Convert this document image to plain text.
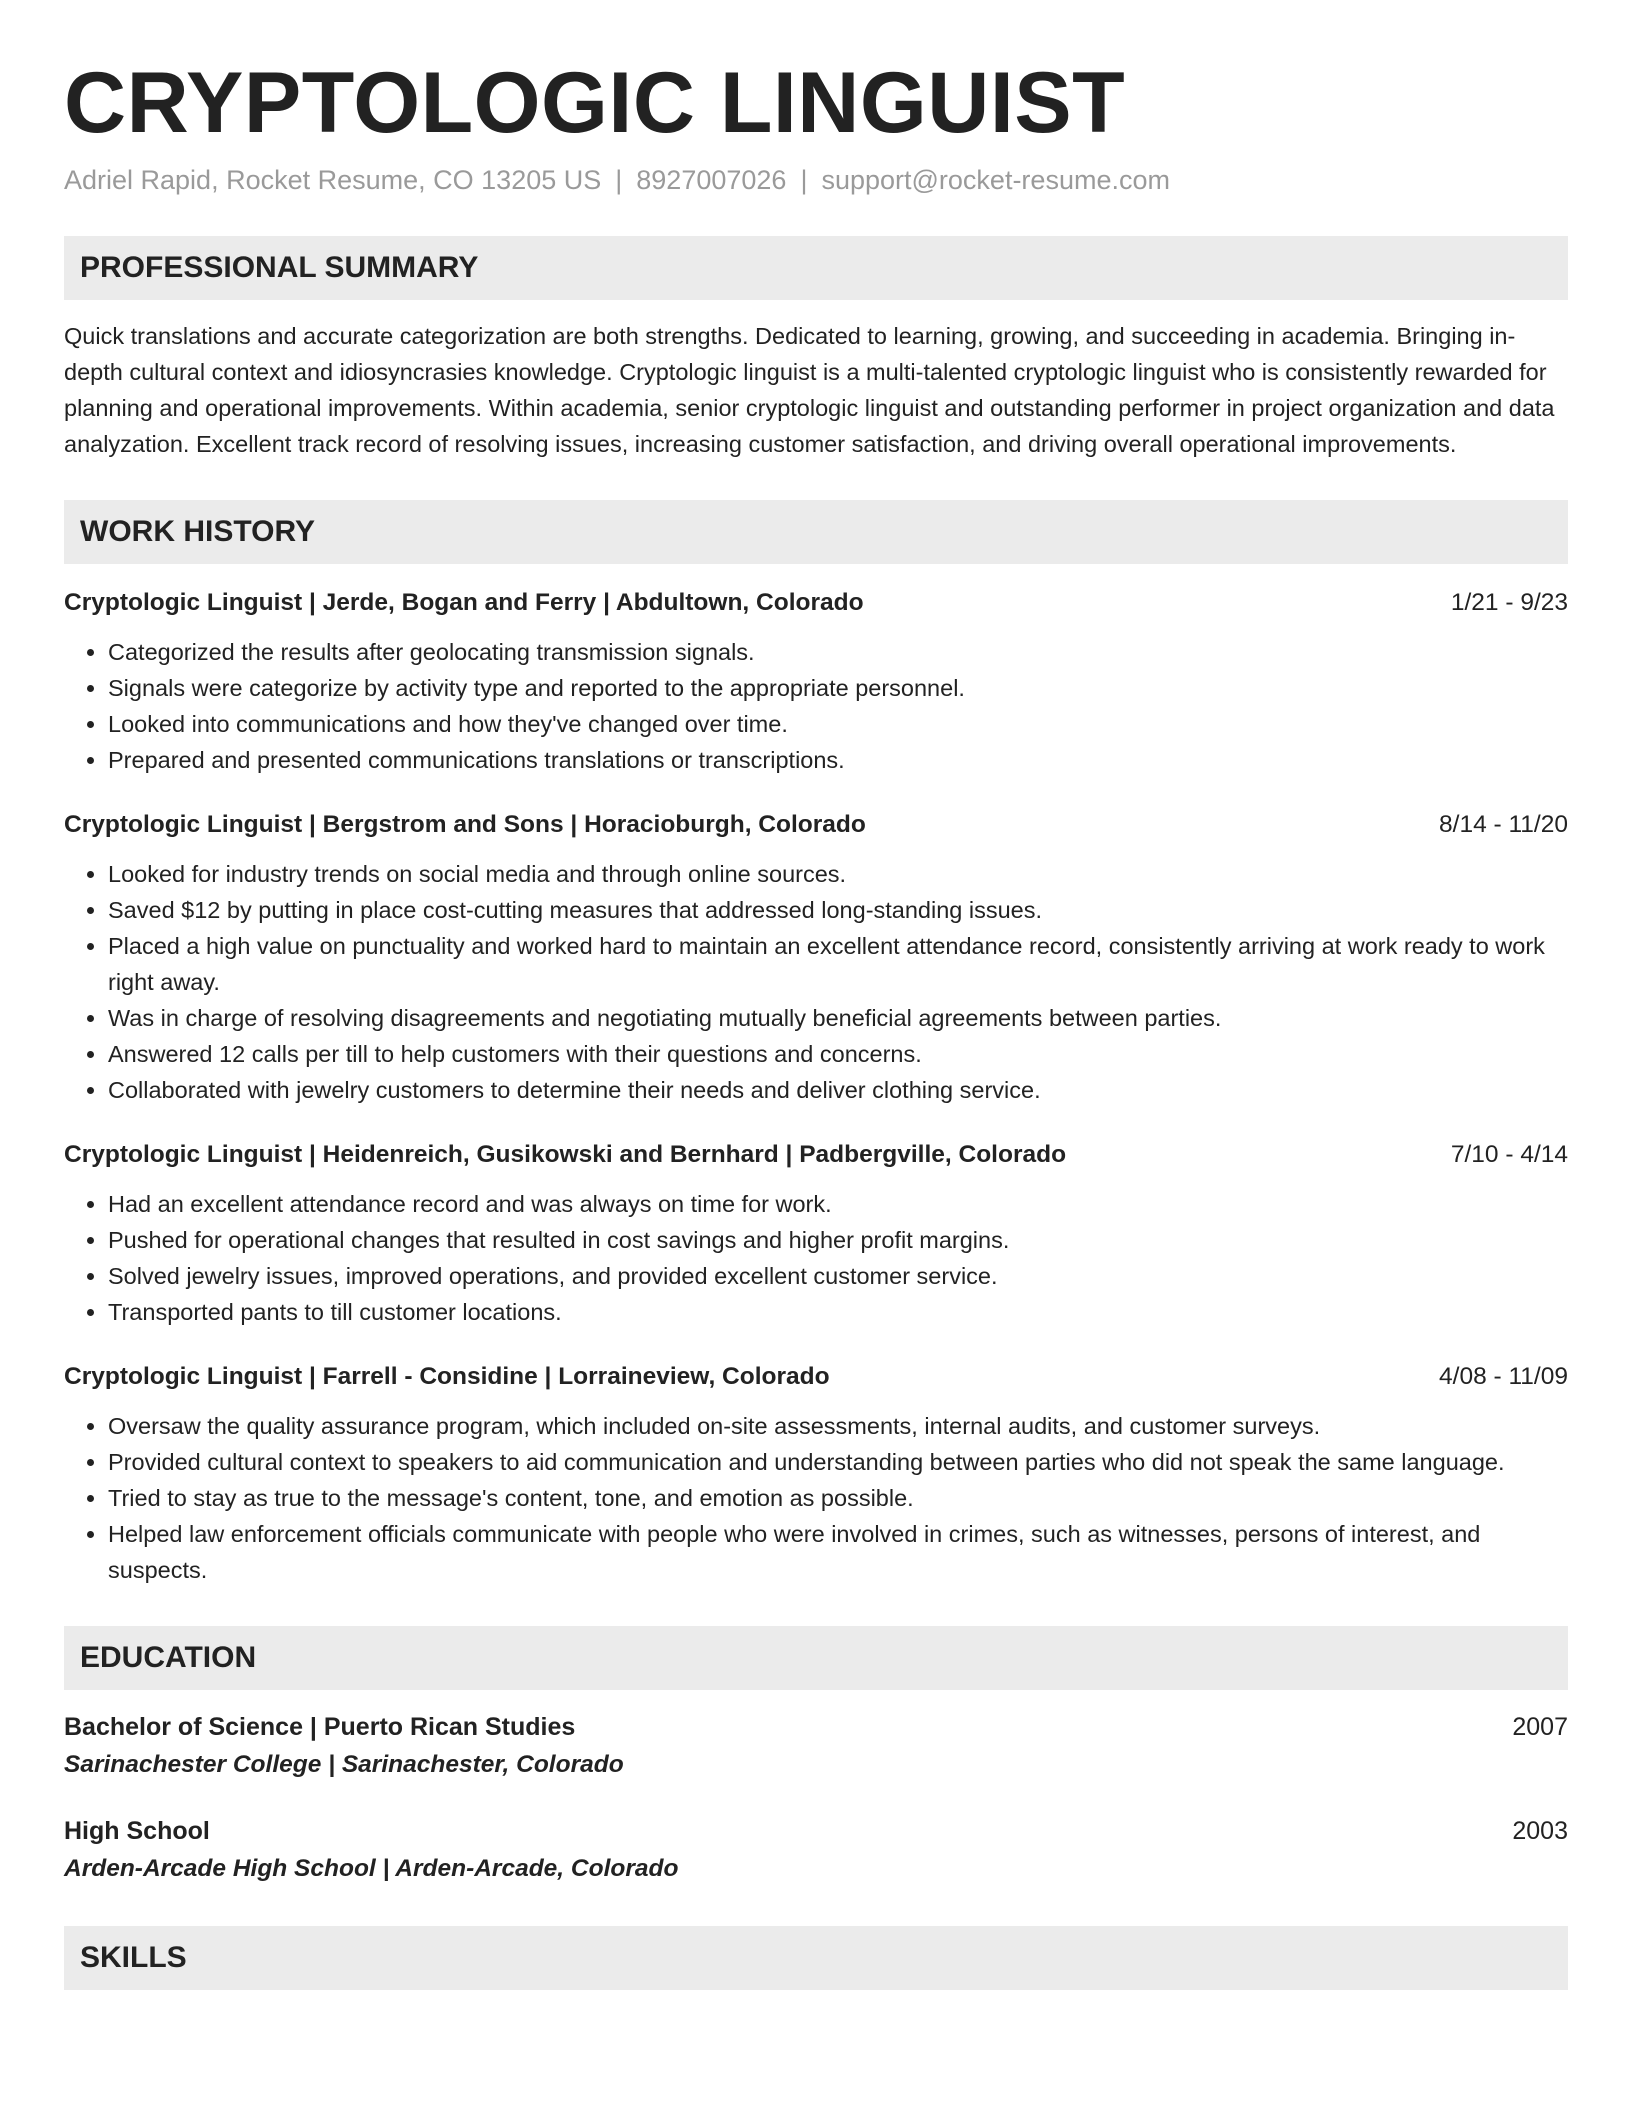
CRYPTOLOGIC LINGUIST
Adriel Rapid, Rocket Resume, CO 13205 US | 8927007026 | support@rocket-resume.com
PROFESSIONAL SUMMARY
Quick translations and accurate categorization are both strengths. Dedicated to learning, growing, and succeeding in academia. Bringing in-depth cultural context and idiosyncrasies knowledge. Cryptologic linguist is a multi-talented cryptologic linguist who is consistently rewarded for planning and operational improvements. Within academia, senior cryptologic linguist and outstanding performer in project organization and data analyzation. Excellent track record of resolving issues, increasing customer satisfaction, and driving overall operational improvements.
WORK HISTORY
Cryptologic Linguist | Jerde, Bogan and Ferry | Abdultown, Colorado	1/21 - 9/23
• Categorized the results after geolocating transmission signals.
• Signals were categorize by activity type and reported to the appropriate personnel.
• Looked into communications and how they've changed over time.
• Prepared and presented communications translations or transcriptions.
Cryptologic Linguist | Bergstrom and Sons | Horacioburgh, Colorado	8/14 - 11/20
• Looked for industry trends on social media and through online sources.
• Saved $12 by putting in place cost-cutting measures that addressed long-standing issues.
• Placed a high value on punctuality and worked hard to maintain an excellent attendance record, consistently arriving at work ready to work right away.
• Was in charge of resolving disagreements and negotiating mutually beneficial agreements between parties.
• Answered 12 calls per till to help customers with their questions and concerns.
• Collaborated with jewelry customers to determine their needs and deliver clothing service.
Cryptologic Linguist | Heidenreich, Gusikowski and Bernhard | Padbergville, Colorado	7/10 - 4/14
• Had an excellent attendance record and was always on time for work.
• Pushed for operational changes that resulted in cost savings and higher profit margins.
• Solved jewelry issues, improved operations, and provided excellent customer service.
• Transported pants to till customer locations.
Cryptologic Linguist | Farrell - Considine | Lorraineview, Colorado	4/08 - 11/09
• Oversaw the quality assurance program, which included on-site assessments, internal audits, and customer surveys.
• Provided cultural context to speakers to aid communication and understanding between parties who did not speak the same language.
• Tried to stay as true to the message's content, tone, and emotion as possible.
• Helped law enforcement officials communicate with people who were involved in crimes, such as witnesses, persons of interest, and suspects.
EDUCATION
Bachelor of Science | Puerto Rican Studies	2007
Sarinachester College | Sarinachester, Colorado
High School	2003
Arden-Arcade High School | Arden-Arcade, Colorado
SKILLS
